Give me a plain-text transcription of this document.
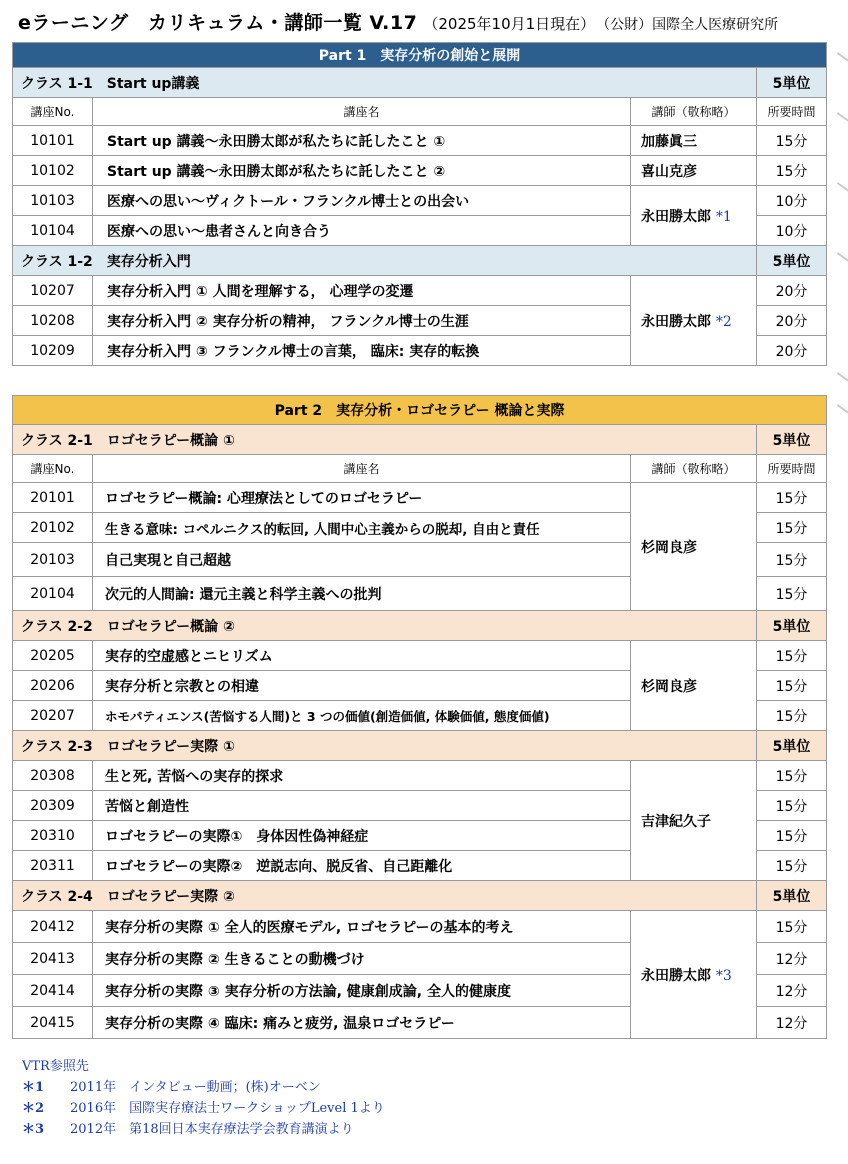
eラーニング　カリキュラム・講師一覧 V.17 （2025年10月1日現在） （公財）国際全人医療研究所
Part 1　実存分析の創始と展開			
クラス 1-1　Start up講義			5単位
講座No.	講座名	講師（敬称略）	所要時間
10101	Start up 講義～永田勝太郎が私たちに託したこと ①	加藤眞三	15分
10102	Start up 講義～永田勝太郎が私たちに託したこと ②	喜山克彦	15分
10103	医療への思い～ヴィクトール・フランクル博士との出会い	永田勝太郎 *1	10分
10104	医療への思い～患者さんと向き合う		10分
クラス 1-2　実存分析入門			5単位
10207	実存分析入門 ① 人間を理解する， 心理学の変遷	永田勝太郎 *2	20分
10208	実存分析入門 ② 実存分析の精神， フランクル博士の生涯		20分
10209	実存分析入門 ③ フランクル博士の言葉， 臨床: 実存的転換		20分
Part 2　実存分析・ロゴセラピー 概論と実際			
クラス 2-1　ロゴセラピー概論 ①			5単位
講座No.	講座名	講師（敬称略）	所要時間
20101	ロゴセラピー概論: 心理療法としてのロゴセラピー	杉岡良彦	15分
20102	生きる意味: コペルニクス的転回, 人間中心主義からの脱却, 自由と責任		15分
20103	自己実現と自己超越		15分
20104	次元的人間論: 還元主義と科学主義への批判		15分
クラス 2-2　ロゴセラピー概論 ②			5単位
20205	実存的空虚感とニヒリズム	杉岡良彦	15分
20206	実存分析と宗教との相違		15分
20207	ホモパティエンス(苦悩する人間)と 3 つの価値(創造価値, 体験価値, 態度価値)		15分
クラス 2-3　ロゴセラピー実際 ①			5単位
20308	生と死, 苦悩への実存的探求	吉津紀久子	15分
20309	苦悩と創造性		15分
20310	ロゴセラピーの実際①　身体因性偽神経症		15分
20311	ロゴセラピーの実際②　逆説志向、脱反省、自己距離化		15分
クラス 2-4　ロゴセラピー実際 ②			5単位
20412	実存分析の実際 ① 全人的医療モデル, ロゴセラピーの基本的考え	永田勝太郎 *3	15分
20413	実存分析の実際 ② 生きることの動機づけ		12分
20414	実存分析の実際 ③ 実存分析の方法論, 健康創成論, 全人的健康度		12分
20415	実存分析の実際 ④ 臨床: 痛みと疲労, 温泉ロゴセラピー		12分
VTR参照先
＊1 2011年　インタビュー動画；(株)オーベン
＊2 2016年　国際実存療法士ワークショップLevel 1より
＊3 2012年　第18回日本実存療法学会教育講演より
